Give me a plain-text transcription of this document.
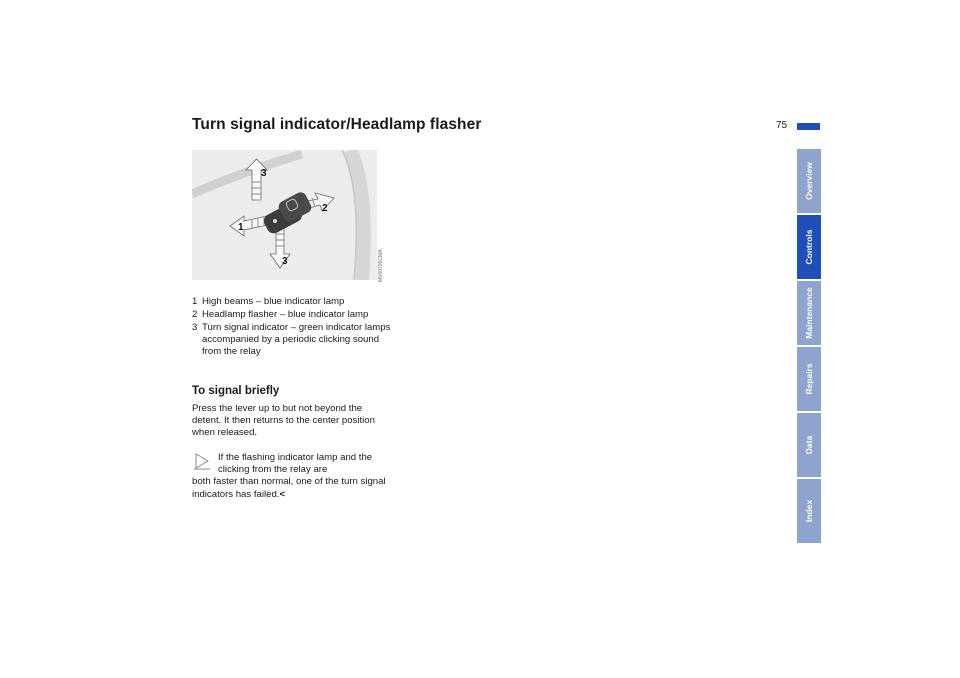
Turn signal indicator/Headlamp flasher	75
1
2
3
3	MV00795CMA
1 High beams – blue indicator lamp
2 Headlamp flasher – blue indicator lamp
3 Turn signal indicator – green indicator lamps accompanied by a periodic clicking sound from the relay
To signal briefly
Press the lever up to but not beyond the detent. It then returns to the center position when released.
If the flashing indicator lamp and the clicking from the relay are
both faster than normal, one of the turn signal indicators has failed.<
Overview
Controls
Maintenance
Repairs
Data
Index
